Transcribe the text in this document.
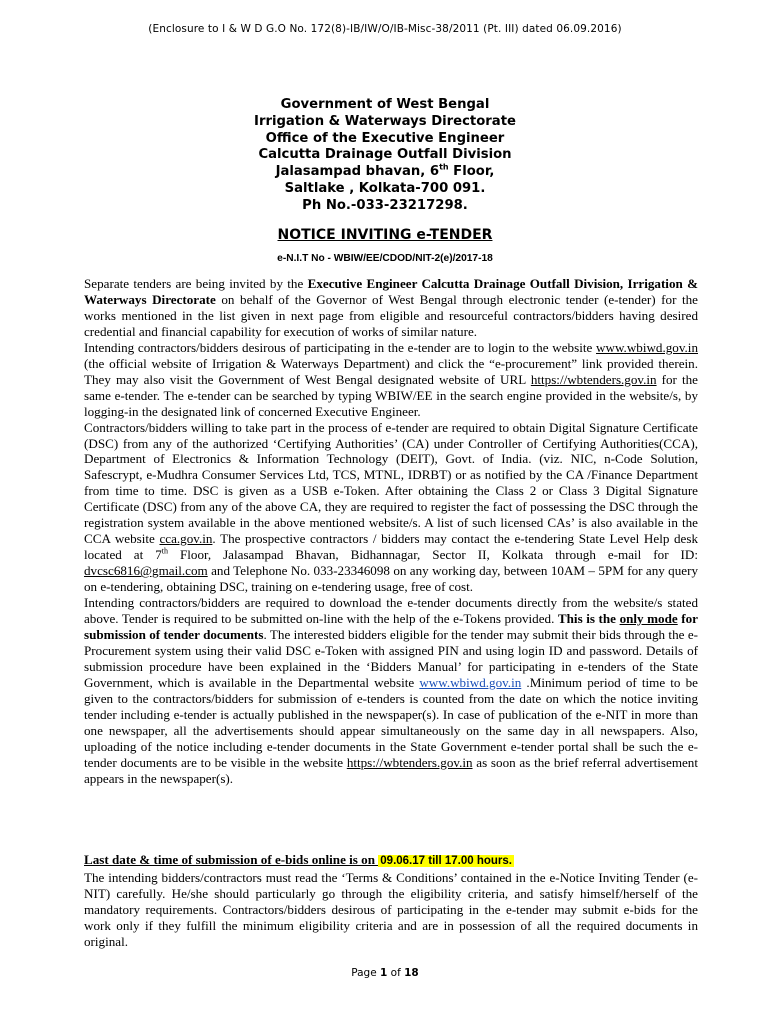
(Enclosure to I & W D G.O No. 172(8)-IB/IW/O/IB-Misc-38/2011 (Pt. III) dated 06.09.2016)
Government of West Bengal
Irrigation & Waterways Directorate
Office of the Executive Engineer
Calcutta Drainage Outfall Division
Jalasampad bhavan, 6th Floor,
Saltlake , Kolkata-700 091.
Ph No.-033-23217298.
NOTICE INVITING e-TENDER
e-N.I.T No - WBIW/EE/CDOD/NIT-2(e)/2017-18

Separate tenders are being invited by the Executive Engineer Calcutta Drainage Outfall Division, Irrigation & Waterways Directorate on behalf of the Governor of West Bengal through electronic tender (e-tender) for the works mentioned in the list given in next page from eligible and resourceful contractors/bidders having desired credential and financial capability for execution of works of similar nature.

Intending contractors/bidders desirous of participating in the e-tender are to login to the website www.wbiwd.gov.in (the official website of Irrigation & Waterways Department) and click the “e-procurement” link provided therein. They may also visit the Government of West Bengal designated website of URL https://wbtenders.gov.in for the same e-tender. The e-tender can be searched by typing WBIW/EE in the search engine provided in the website/s, by logging-in the designated link of concerned Executive Engineer.

Contractors/bidders willing to take part in the process of e-tender are required to obtain Digital Signature Certificate (DSC) from any of the authorized ‘Certifying Authorities’ (CA) under Controller of Certifying Authorities(CCA), Department of Electronics & Information Technology (DEIT), Govt. of India. (viz. NIC, n-Code Solution, Safescrypt, e-Mudhra Consumer Services Ltd, TCS, MTNL, IDRBT) or as notified by the CA /Finance Department from time to time. DSC is given as a USB e-Token. After obtaining the Class 2 or Class 3 Digital Signature Certificate (DSC) from any of the above CA, they are required to register the fact of possessing the DSC through the registration system available in the above mentioned website/s. A list of such licensed CAs’ is also available in the CCA website cca.gov.in. The prospective contractors / bidders may contact the e-tendering State Level Help desk located at 7th Floor, Jalasampad Bhavan, Bidhannagar, Sector II, Kolkata through e-mail for ID: dvcsc6816@gmail.com and Telephone No. 033-23346098 on any working day, between 10AM – 5PM for any query on e-tendering, obtaining DSC, training on e-tendering usage, free of cost.

Intending contractors/bidders are required to download the e-tender documents directly from the website/s stated above. Tender is required to be submitted on-line with the help of the e-Tokens provided. This is the only mode for submission of tender documents. The interested bidders eligible for the tender may submit their bids through the e-Procurement system using their valid DSC e-Token with assigned PIN and using login ID and password. Details of submission procedure have been explained in the ‘Bidders Manual’ for participating in e-tenders of the State Government, which is available in the Departmental website www.wbiwd.gov.in .Minimum period of time to be given to the contractors/bidders for submission of e-tenders is counted from the date on which the notice inviting tender including e-tender is actually published in the newspaper(s). In case of publication of the e-NIT in more than one newspaper, all the advertisements should appear simultaneously on the same day in all newspapers. Also, uploading of the notice including e-tender documents in the State Government e-tender portal shall be such the e-tender documents are to be visible in the website https://wbtenders.gov.in as soon as the brief referral advertisement appears in the newspaper(s).

Last date & time of submission of e-bids online is on 09.06.17 till 17.00 hours.

The intending bidders/contractors must read the ‘Terms & Conditions’ contained in the e-Notice Inviting Tender (e-NIT) carefully. He/she should particularly go through the eligibility criteria, and satisfy himself/herself of the mandatory requirements. Contractors/bidders desirous of participating in the e-tender may submit e-bids for the work only if they fulfill the minimum eligibility criteria and are in possession of all the required documents in original.

Page 1 of 18
